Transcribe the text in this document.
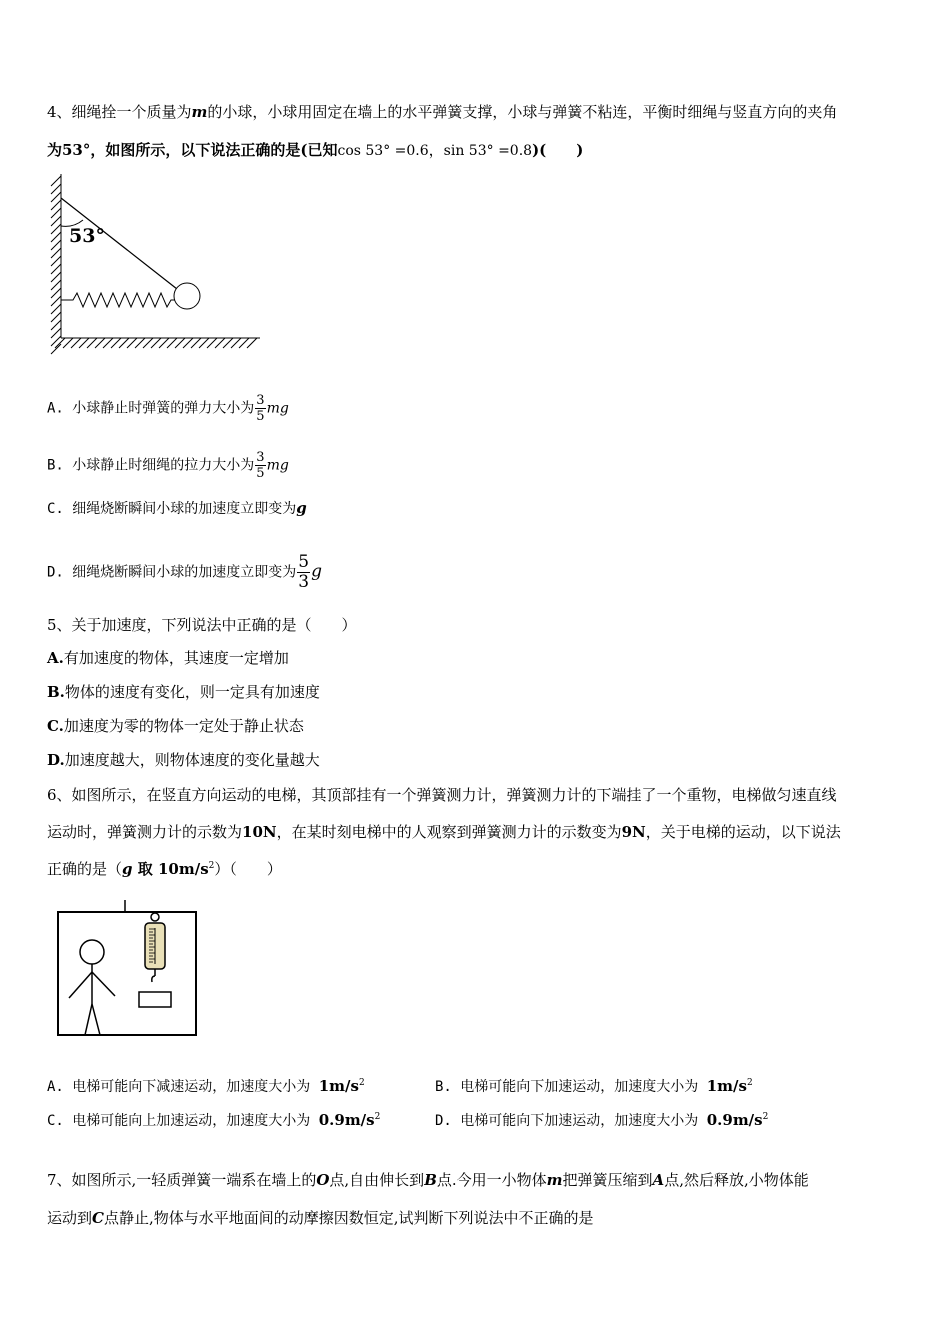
4、细绳拴一个质量为m的小球，小球用固定在墙上的水平弹簧支撑，小球与弹簧不粘连，平衡时细绳与竖直方向的夹角
为53°，如图所示，以下说法正确的是(已知cos 53° =0.6，sin 53° =0.8)(　　)
53°
A. 小球静止时弹簧的弹力大小为 $\frac{3}{5}$ mg
B. 小球静止时细绳的拉力大小为 $\frac{3}{5}$ mg
C. 细绳烧断瞬间小球的加速度立即变为g
D. 细绳烧断瞬间小球的加速度立即变为 $\frac{5}{3}$ g
5、关于加速度，下列说法中正确的是（　　）
A.有加速度的物体，其速度一定增加
B.物体的速度有变化，则一定具有加速度
C.加速度为零的物体一定处于静止状态
D.加速度越大，则物体速度的变化量越大
6、如图所示，在竖直方向运动的电梯，其顶部挂有一个弹簧测力计，弹簧测力计的下端挂了一个重物，电梯做匀速直线
运动时，弹簧测力计的示数为10N，在某时刻电梯中的人观察到弹簧测力计的示数变为9N，关于电梯的运动，以下说法
正确的是（g 取 $10m/s^2$）（　　）
A. 电梯可能向下减速运动，加速度大小为 $1m/s^2$	B. 电梯可能向下加速运动，加速度大小为 $1m/s^2$
C. 电梯可能向上加速运动，加速度大小为 $0.9m/s^2$	D. 电梯可能向下加速运动，加速度大小为 $0.9m/s^2$
7、如图所示,一轻质弹簧一端系在墙上的O点,自由伸长到B点.今用一小物体m把弹簧压缩到A点,然后释放,小物体能
运动到C点静止,物体与水平地面间的动摩擦因数恒定,试判断下列说法中不正确的是
